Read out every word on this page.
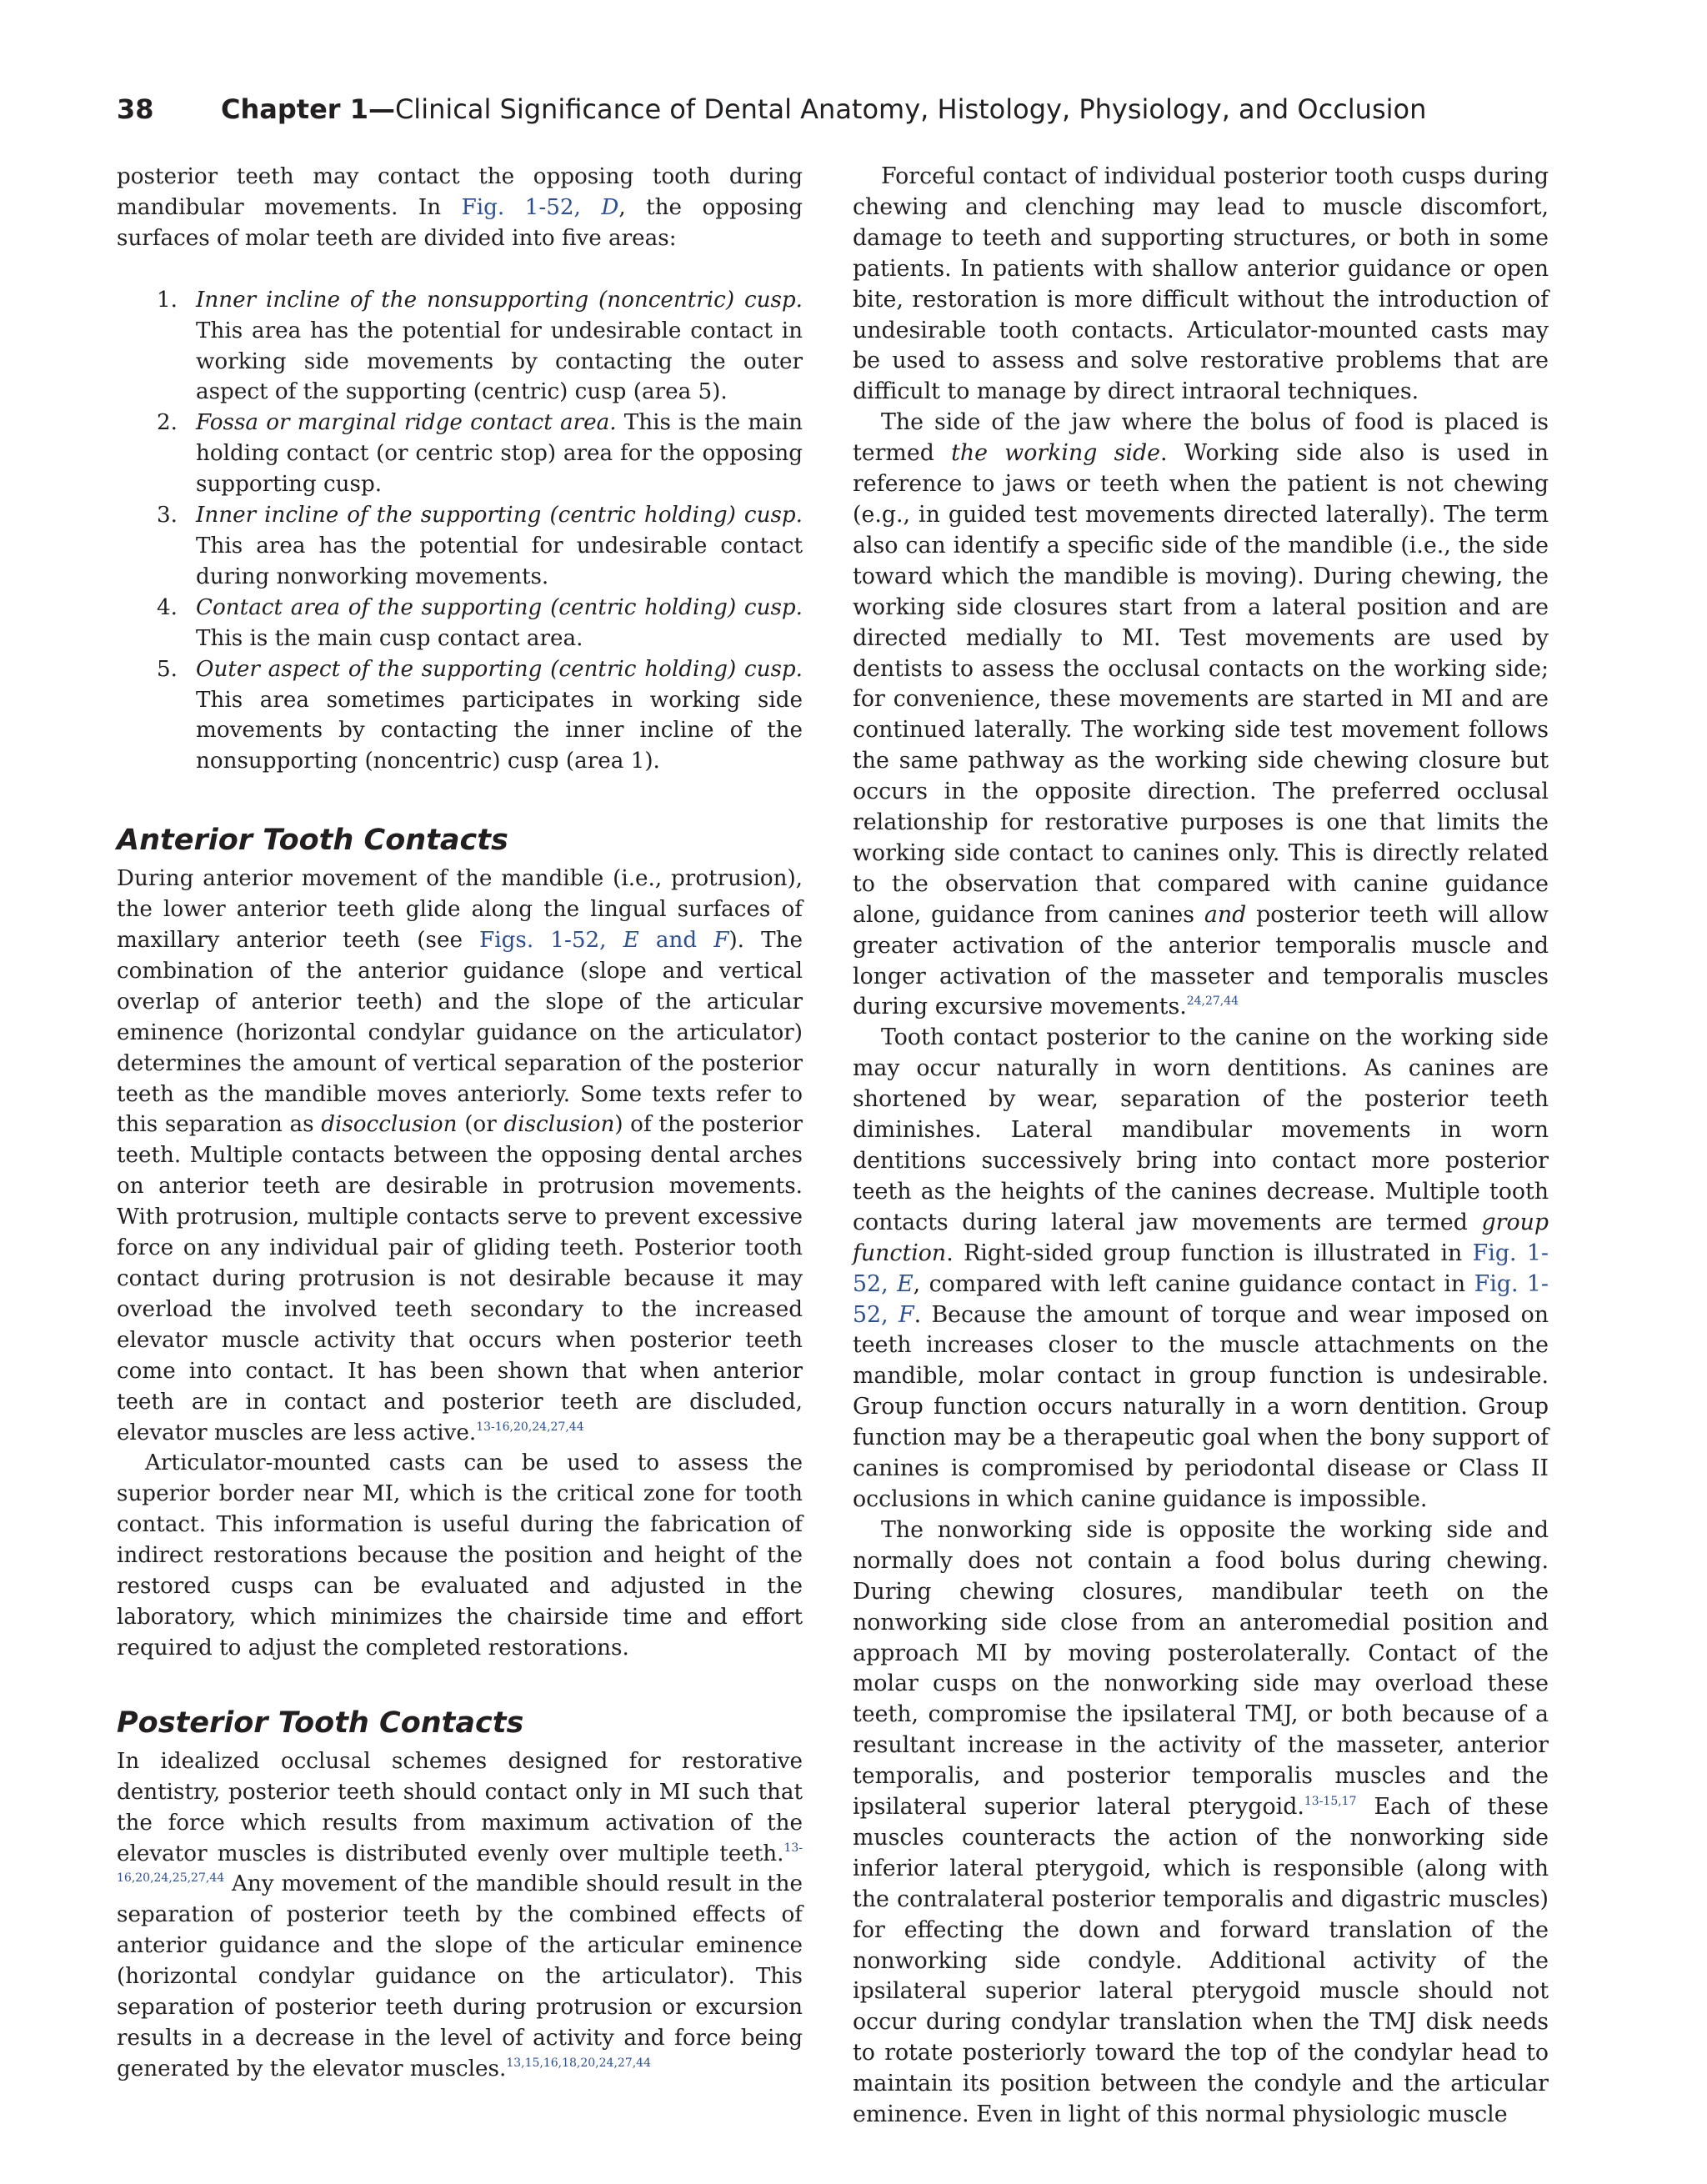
38	Chapter 1—Clinical Significance of Dental Anatomy, Histology, Physiology, and Occlusion

posterior teeth may contact the opposing tooth during mandibular movements. In Fig. 1-52, D, the opposing surfaces of molar teeth are divided into five areas:

1. Inner incline of the nonsupporting (noncentric) cusp. This area has the potential for undesirable contact in working side movements by contacting the outer aspect of the supporting (centric) cusp (area 5).
2. Fossa or marginal ridge contact area. This is the main holding contact (or centric stop) area for the opposing supporting cusp.
3. Inner incline of the supporting (centric holding) cusp. This area has the potential for undesirable contact during nonworking movements.
4. Contact area of the supporting (centric holding) cusp. This is the main cusp contact area.
5. Outer aspect of the supporting (centric holding) cusp. This area sometimes participates in working side movements by contacting the inner incline of the nonsupporting (noncentric) cusp (area 1).
Anterior Tooth Contacts

During anterior movement of the mandible (i.e., protrusion), the lower anterior teeth glide along the lingual surfaces of maxillary anterior teeth (see Figs. 1-52, E and F). The combination of the anterior guidance (slope and vertical overlap of anterior teeth) and the slope of the articular eminence (horizontal condylar guidance on the articulator) determines the amount of vertical separation of the posterior teeth as the mandible moves anteriorly. Some texts refer to this separation as disocclusion (or disclusion) of the posterior teeth. Multiple contacts between the opposing dental arches on anterior teeth are desirable in protrusion movements. With protrusion, multiple contacts serve to prevent excessive force on any individual pair of gliding teeth. Posterior tooth contact during protrusion is not desirable because it may overload the involved teeth secondary to the increased elevator muscle activity that occurs when posterior teeth come into contact. It has been shown that when anterior teeth are in contact and posterior teeth are discluded, elevator muscles are less active.$^{13-16,20,24,27,44}$

Articulator-mounted casts can be used to assess the superior border near MI, which is the critical zone for tooth contact. This information is useful during the fabrication of indirect restorations because the position and height of the restored cusps can be evaluated and adjusted in the laboratory, which minimizes the chairside time and effort required to adjust the completed restorations.

Posterior Tooth Contacts

In idealized occlusal schemes designed for restorative dentistry, posterior teeth should contact only in MI such that the force which results from maximum activation of the elevator muscles is distributed evenly over multiple teeth.$^{13-16,20,24,25,27,44}$ Any movement of the mandible should result in the separation of posterior teeth by the combined effects of anterior guidance and the slope of the articular eminence (horizontal condylar guidance on the articulator). This separation of posterior teeth during protrusion or excursion results in a decrease in the level of activity and force being generated by the elevator muscles.$^{13,15,16,18,20,24,27,44}$

Forceful contact of individual posterior tooth cusps during chewing and clenching may lead to muscle discomfort, damage to teeth and supporting structures, or both in some patients. In patients with shallow anterior guidance or open bite, restoration is more difficult without the introduction of undesirable tooth contacts. Articulator-mounted casts may be used to assess and solve restorative problems that are difficult to manage by direct intraoral techniques.

The side of the jaw where the bolus of food is placed is termed the working side. Working side also is used in reference to jaws or teeth when the patient is not chewing (e.g., in guided test movements directed laterally). The term also can identify a specific side of the mandible (i.e., the side toward which the mandible is moving). During chewing, the working side closures start from a lateral position and are directed medially to MI. Test movements are used by dentists to assess the occlusal contacts on the working side; for convenience, these movements are started in MI and are continued laterally. The working side test movement follows the same pathway as the working side chewing closure but occurs in the opposite direction. The preferred occlusal relationship for restorative purposes is one that limits the working side contact to canines only. This is directly related to the observation that compared with canine guidance alone, guidance from canines and posterior teeth will allow greater activation of the anterior temporalis muscle and longer activation of the masseter and temporalis muscles during excursive movements.$^{24,27,44}$

Tooth contact posterior to the canine on the working side may occur naturally in worn dentitions. As canines are shortened by wear, separation of the posterior teeth diminishes. Lateral mandibular movements in worn dentitions successively bring into contact more posterior teeth as the heights of the canines decrease. Multiple tooth contacts during lateral jaw movements are termed group function. Right-sided group function is illustrated in Fig. 1-52, E, compared with left canine guidance contact in Fig. 1-52, F. Because the amount of torque and wear imposed on teeth increases closer to the muscle attachments on the mandible, molar contact in group function is undesirable. Group function occurs naturally in a worn dentition. Group function may be a therapeutic goal when the bony support of canines is compromised by periodontal disease or Class II occlusions in which canine guidance is impossible.

The nonworking side is opposite the working side and normally does not contain a food bolus during chewing. During chewing closures, mandibular teeth on the nonworking side close from an anteromedial position and approach MI by moving posterolaterally. Contact of the molar cusps on the nonworking side may overload these teeth, compromise the ipsilateral TMJ, or both because of a resultant increase in the activity of the masseter, anterior temporalis, and posterior temporalis muscles and the ipsilateral superior lateral pterygoid.$^{13-15,17}$ Each of these muscles counteracts the action of the nonworking side inferior lateral pterygoid, which is responsible (along with the contralateral posterior temporalis and digastric muscles) for effecting the down and forward translation of the nonworking side condyle. Additional activity of the ipsilateral superior lateral pterygoid muscle should not occur during condylar translation when the TMJ disk needs to rotate posteriorly toward the top of the condylar head to maintain its position between the condyle and the articular eminence. Even in light of this normal physiologic muscle
